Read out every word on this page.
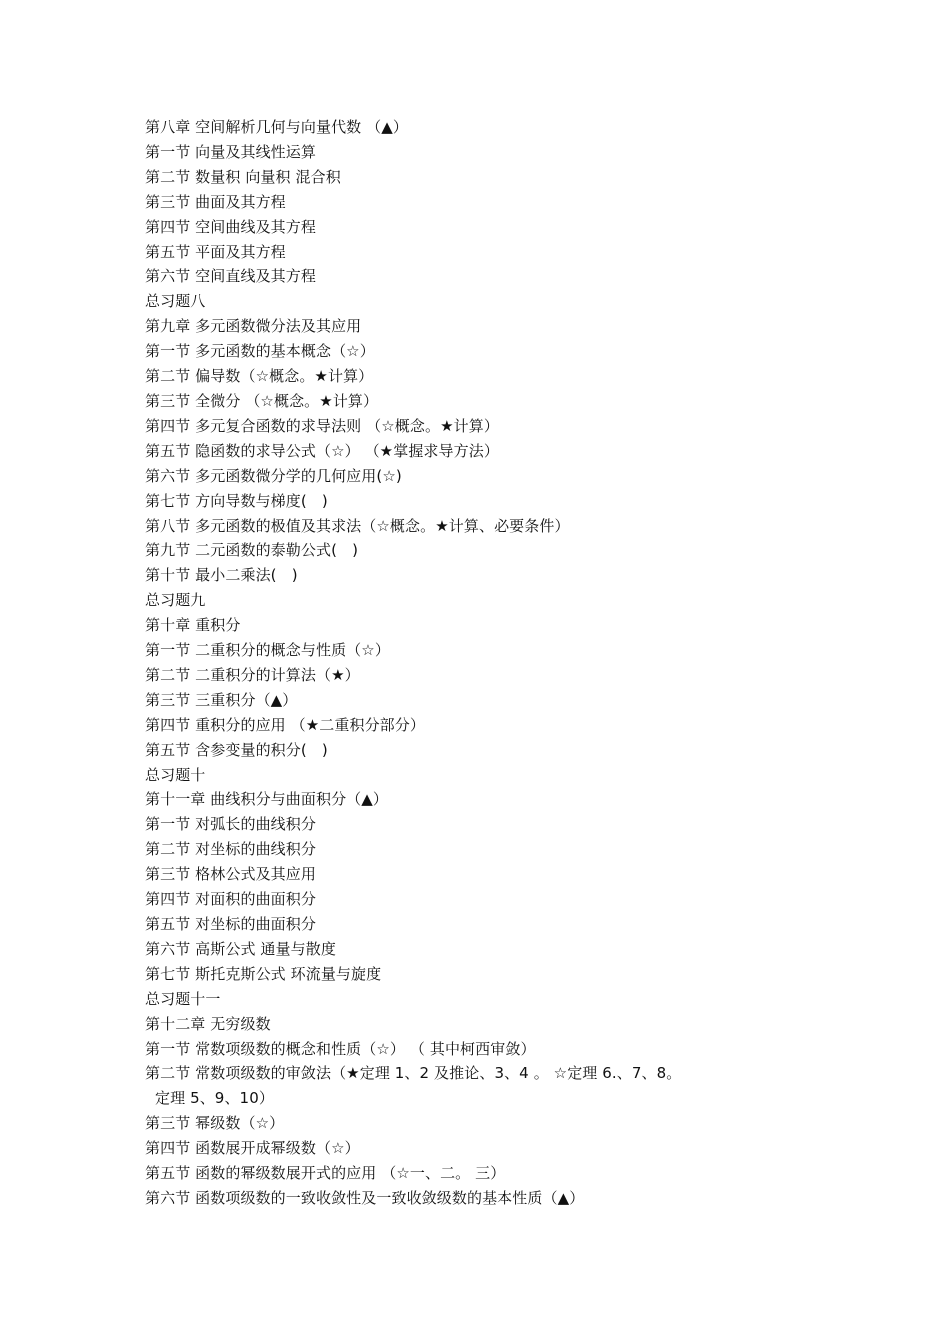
第八章 空间解析几何与向量代数 （▲）
第一节 向量及其线性运算
第二节 数量积 向量积 混合积
第三节 曲面及其方程
第四节 空间曲线及其方程
第五节 平面及其方程
第六节 空间直线及其方程
总习题八
第九章 多元函数微分法及其应用
第一节 多元函数的基本概念（☆）
第二节 偏导数（☆概念。★计算）
第三节 全微分 （☆概念。★计算）
第四节 多元复合函数的求导法则 （☆概念。★计算）
第五节 隐函数的求导公式（☆） （★掌握求导方法）
第六节 多元函数微分学的几何应用(☆)
第七节 方向导数与梯度(　)
第八节 多元函数的极值及其求法（☆概念。★计算、必要条件）
第九节 二元函数的泰勒公式(　)
第十节 最小二乘法(　)
总习题九
第十章 重积分
第一节 二重积分的概念与性质（☆）
第二节 二重积分的计算法（★）
第三节 三重积分（▲）
第四节 重积分的应用 （★二重积分部分）
第五节 含参变量的积分(　)
总习题十
第十一章 曲线积分与曲面积分（▲）
第一节 对弧长的曲线积分
第二节 对坐标的曲线积分
第三节 格林公式及其应用
第四节 对面积的曲面积分
第五节 对坐标的曲面积分
第六节 高斯公式 通量与散度
第七节 斯托克斯公式 环流量与旋度
总习题十一
第十二章 无穷级数
第一节 常数项级数的概念和性质（☆） （ 其中柯西审敛）
第二节 常数项级数的审敛法（★定理 1、2 及推论、3、4 。 ☆定理 6.、7、8。
定理 5、9、10）
第三节 幂级数（☆）
第四节 函数展开成幂级数（☆）
第五节 函数的幂级数展开式的应用 （☆一、二。 三）
第六节 函数项级数的一致收敛性及一致收敛级数的基本性质（▲）
